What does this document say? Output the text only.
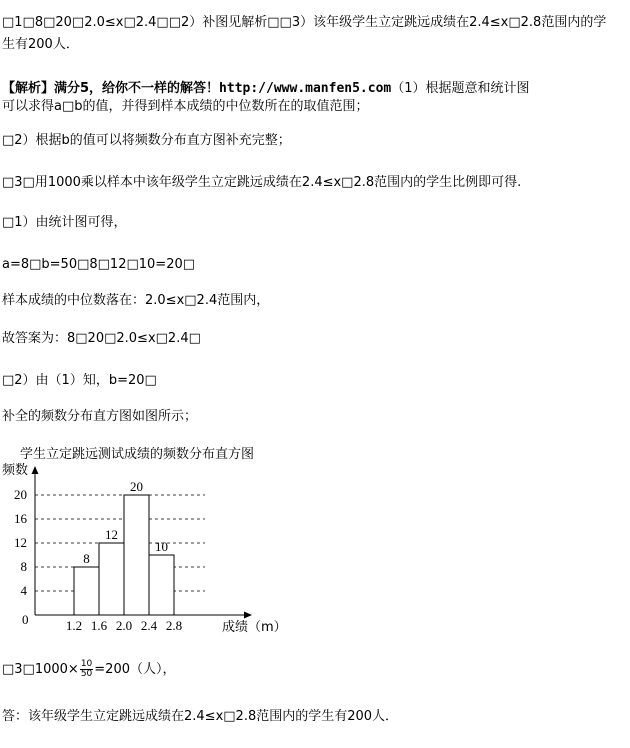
□1□8□20□2.0≤x□2.4□□2）补图见解析□□3）该年级学生立定跳远成绩在2.4≤x□2.8范围内的学
生有200人．
【解析】满分5，给你不一样的解答！http://www.manfen5.com（1）根据题意和统计图
可以求得a□b的值，并得到样本成绩的中位数所在的取值范围；
□2）根据b的值可以将频数分布直方图补充完整；
□3□用1000乘以样本中该年级学生立定跳远成绩在2.4≤x□2.8范围内的学生比例即可得.
□1）由统计图可得，
a=8□b=50□8□12□10=20□
样本成绩的中位数落在：2.0≤x□2.4范围内，
故答案为：8□20□2.0≤x□2.4□
□2）由（1）知，b=20□
补全的频数分布直方图如图所示；
学生立定跳远测试成绩的频数分布直方图
频数
成绩（m）
0
4
8
12
16
20
1.2 1.6 2.0 2.4 2.8
8
12
20
10
□3□1000× $\frac{10}{50} =200$（人），
答：该年级学生立定跳远成绩在2.4≤x□2.8范围内的学生有200人．
